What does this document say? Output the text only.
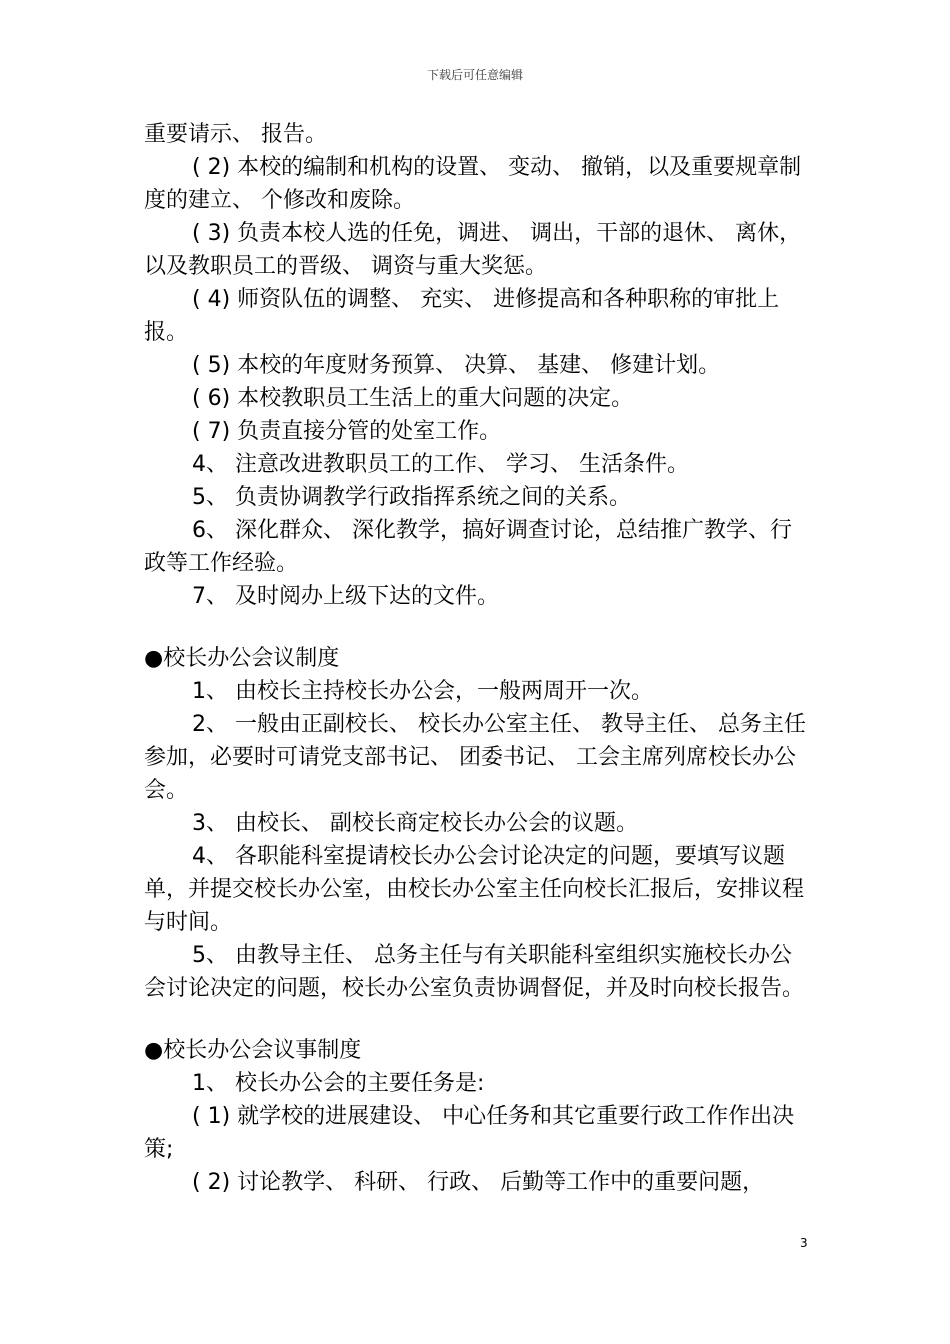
下载后可任意编辑

重要请示、 报告。

( 2) 本校的编制和机构的设置、 变动、 撤销，以及重要规章制度的建立、 个修改和废除。

( 3) 负责本校人选的任免，调进、 调出，干部的退休、 离休，以及教职员工的晋级、 调资与重大奖惩。

( 4) 师资队伍的调整、 充实、 进修提高和各种职称的审批上报。

( 5) 本校的年度财务预算、 决算、 基建、 修建计划。

( 6) 本校教职员工生活上的重大问题的决定。

( 7) 负责直接分管的处室工作。

4、 注意改进教职员工的工作、 学习、 生活条件。

5、 负责协调教学行政指挥系统之间的关系。

6、 深化群众、 深化教学，搞好调查讨论，总结推广教学、行政等工作经验。

7、 及时阅办上级下达的文件。

●校长办公会议制度

1、 由校长主持校长办公会，一般两周开一次。

2、 一般由正副校长、 校长办公室主任、 教导主任、 总务主任参加，必要时可请党支部书记、 团委书记、 工会主席列席校长办公会。

3、 由校长、 副校长商定校长办公会的议题。

4、 各职能科室提请校长办公会讨论决定的问题，要填写议题单，并提交校长办公室，由校长办公室主任向校长汇报后，安排议程与时间。

5、 由教导主任、 总务主任与有关职能科室组织实施校长办公会讨论决定的问题，校长办公室负责协调督促，并及时向校长报告。

●校长办公会议事制度

1、 校长办公会的主要任务是:

( 1) 就学校的进展建设、 中心任务和其它重要行政工作作出决策;

( 2) 讨论教学、 科研、 行政、 后勤等工作中的重要问题，

3
